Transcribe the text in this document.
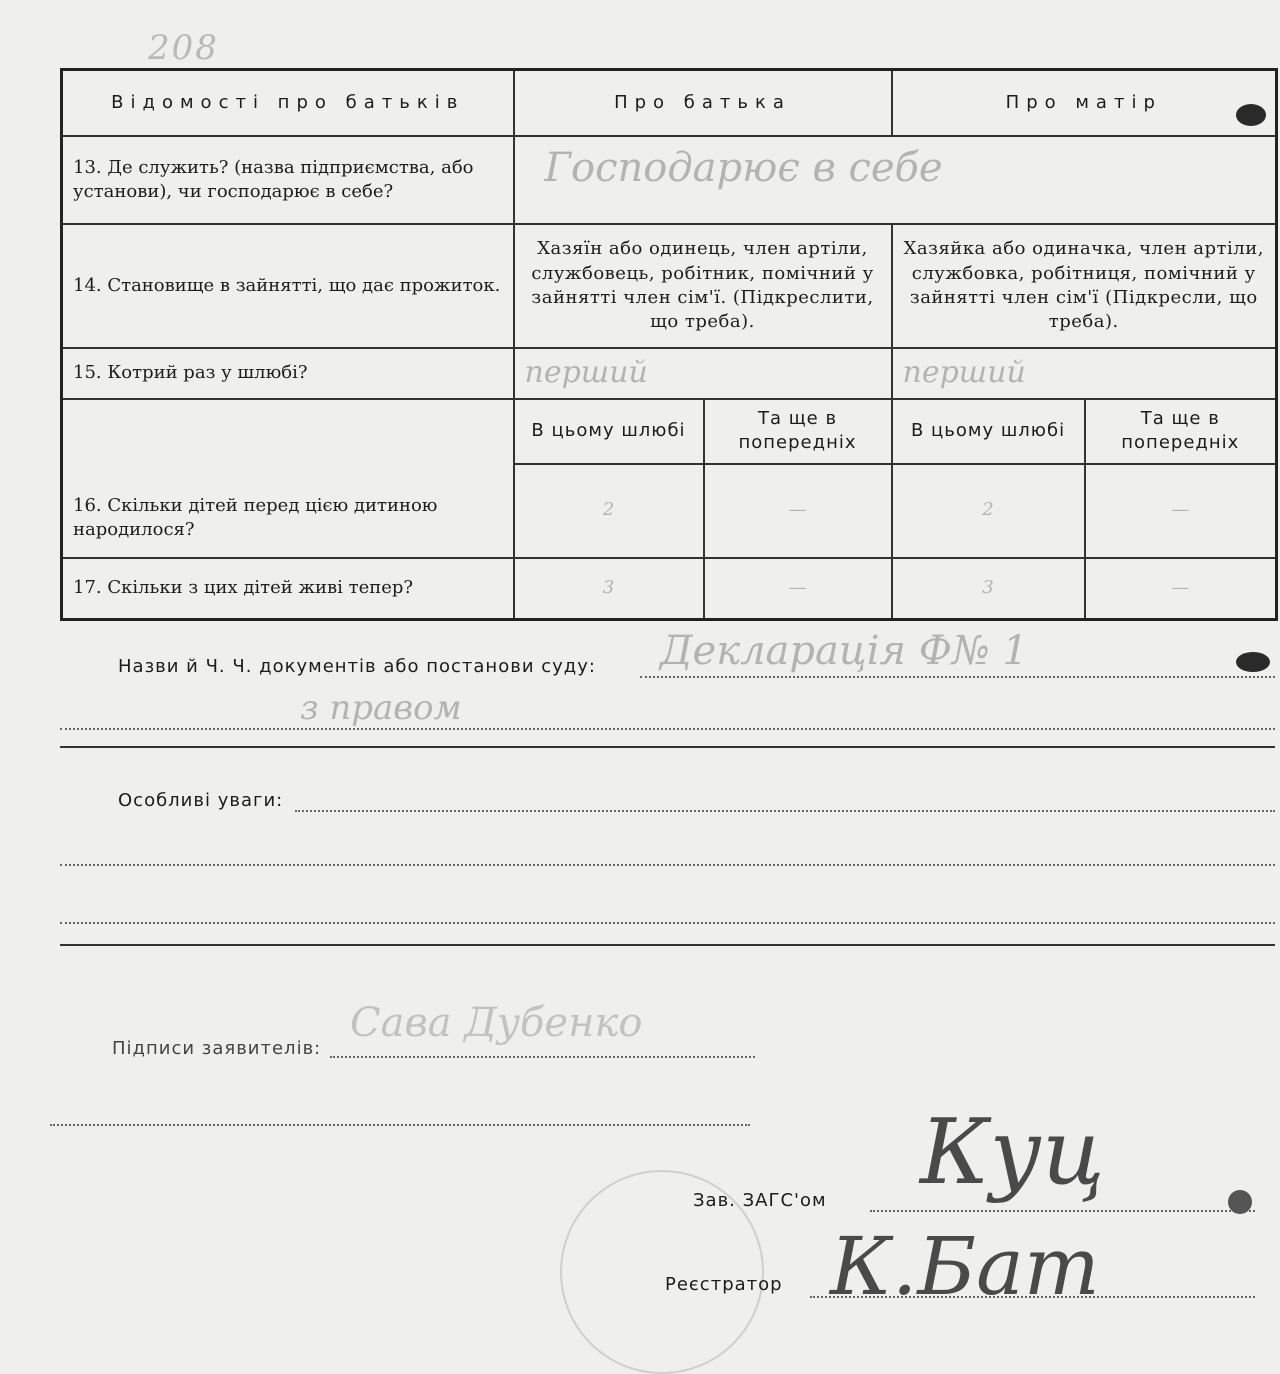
208
Відомості про батьків	Про батька		Про матір	
13. Де служить? (назва підприємства, або установи), чи господарює в себе?	Господарює в себе			

14. Становище в зайнятті, що дає прожиток.	Хазяїн або одинець, член артіли, службовець, робітник, помічний у зайнятті член сім'ї. (Підкреслити, що треба).		Хазяйка або одиначка, член артіли, службовка, робітниця, помічний у зайнятті член сім'ї (Підкресли, що треба).	
15. Котрий раз у шлюбі?	перший		перший	
16. Скільки дітей перед цією дитиною народилося?	В цьому шлюбі	Та ще в попередніх	В цьому шлюбі	Та ще в попередніх
	2	—	2	—
17. Скільки з цих дітей живі тепер?	3	—	3	—
Назви й Ч. Ч. документів або постанови суду: Декларація Ф№ 1
з правом
Особливі уваги:
Підписи заявителів:
Сава Дубенко
Зав. ЗАГС'ом Куц
Реєстратор К.Бат
